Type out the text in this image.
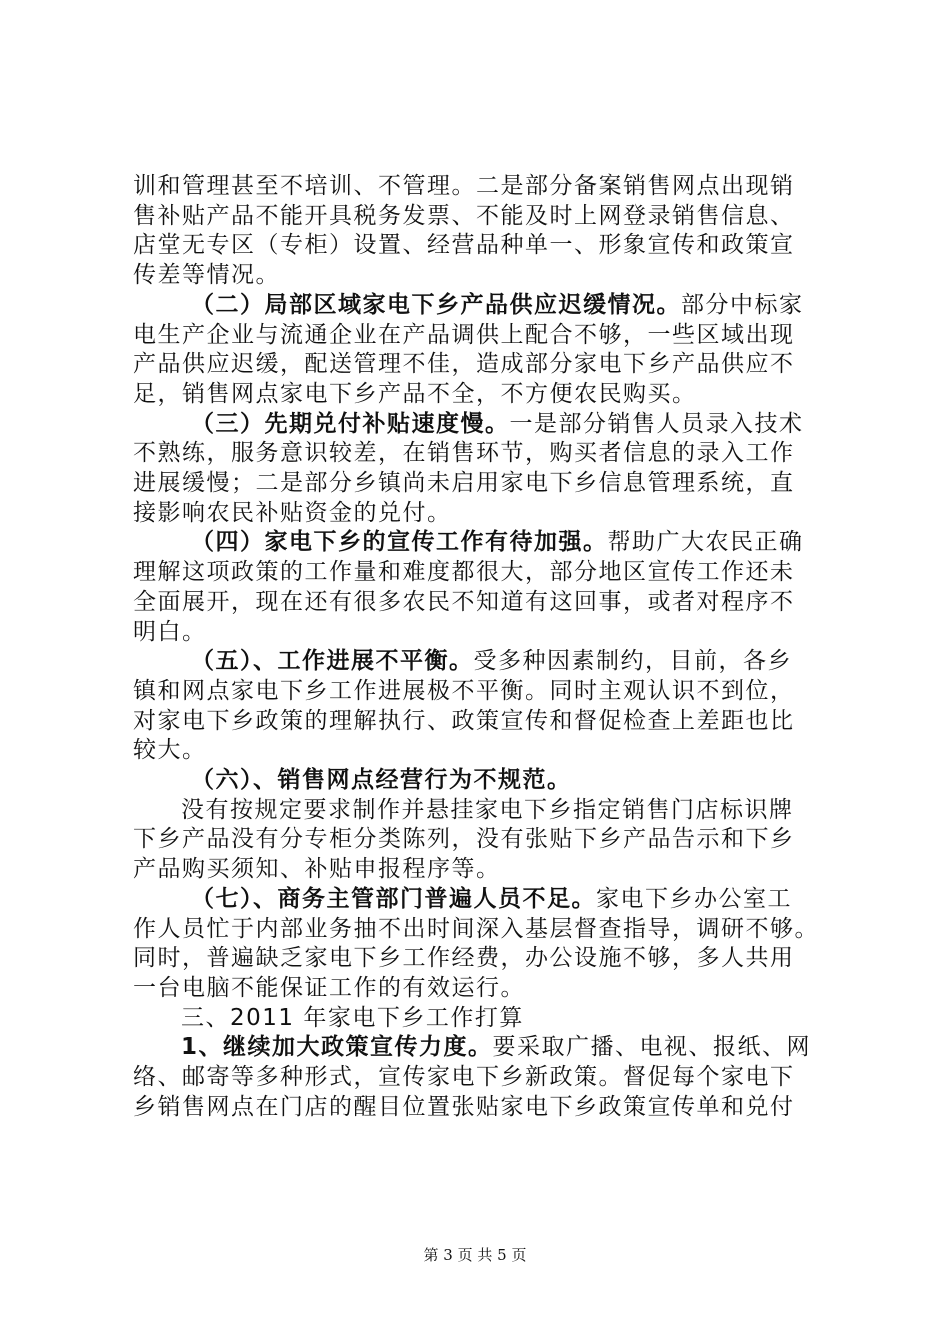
训和管理甚至不培训、不管理。二是部分备案销售网点出现销
售补贴产品不能开具税务发票、不能及时上网登录销售信息、
店堂无专区（专柜）设置、经营品种单一、形象宣传和政策宣
传差等情况。
（二）局部区域家电下乡产品供应迟缓情况。部分中标家
电生产企业与流通企业在产品调供上配合不够，一些区域出现
产品供应迟缓，配送管理不佳，造成部分家电下乡产品供应不
足，销售网点家电下乡产品不全，不方便农民购买。
（三）先期兑付补贴速度慢。一是部分销售人员录入技术
不熟练，服务意识较差，在销售环节，购买者信息的录入工作
进展缓慢；二是部分乡镇尚未启用家电下乡信息管理系统，直
接影响农民补贴资金的兑付。
（四）家电下乡的宣传工作有待加强。帮助广大农民正确
理解这项政策的工作量和难度都很大，部分地区宣传工作还未
全面展开，现在还有很多农民不知道有这回事，或者对程序不
明白。
（五）、工作进展不平衡。受多种因素制约，目前，各乡
镇和网点家电下乡工作进展极不平衡。同时主观认识不到位，
对家电下乡政策的理解执行、政策宣传和督促检查上差距也比
较大。
（六）、销售网点经营行为不规范。
没有按规定要求制作并悬挂家电下乡指定销售门店标识牌
下乡产品没有分专柜分类陈列，没有张贴下乡产品告示和下乡
产品购买须知、补贴申报程序等。
（七）、商务主管部门普遍人员不足。家电下乡办公室工
作人员忙于内部业务抽不出时间深入基层督查指导，调研不够。
同时，普遍缺乏家电下乡工作经费，办公设施不够，多人共用
一台电脑不能保证工作的有效运行。
三、2011 年家电下乡工作打算
1、继续加大政策宣传力度。要采取广播、电视、报纸、网
络、邮寄等多种形式，宣传家电下乡新政策。督促每个家电下
乡销售网点在门店的醒目位置张贴家电下乡政策宣传单和兑付
第 3 页 共 5 页
